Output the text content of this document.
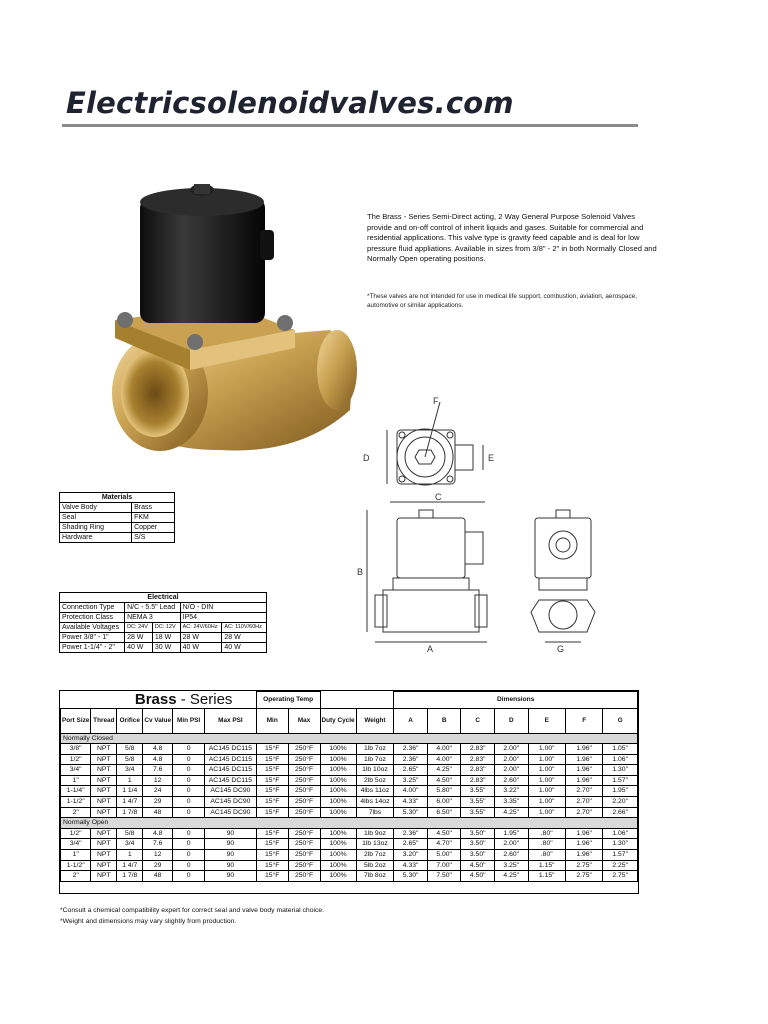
Electricsolenoidvalves.com
The Brass - Series Semi-Direct acting, 2 Way General Purpose Solenoid Valves provide and on-off control of inherit liquids and gases. Suitable for commercial and residential applications. This valve type is gravity feed capable and is deal for low pressure fluid appliations. Available in sizes from 3/8" - 2" in both Normally Closed and Normally Open operating positions.
*These valves are not intended for use in medical life support, combustion, aviation, aerospace, automotive or similar applications.
F
D	E
C
B
A	G
Materials	
Valve Body	Brass
Seal	FKM
Shading Ring	Copper
Hardware	S/S
Electrical				
Connection Type	N/C - 5.5" Lead		N/O - DIN	
Protection Class	NEMA 3		IP54	
Available Voltages	DC: 24V	DC: 12V	AC: 24V/60Hz	AC: 110V/60Hz
Power 3/8" - 1"	28 W	18 W	28 W	28 W
Power 1-1/4" - 2"	40 W	30 W	40 W	40 W
Brass - Series						Operating Temp				Dimensions						
Port Size	Thread	Orifice	Cv Value	Min PSI	Max PSI	Min	Max	Duty Cycle	Weight	A	B	C	D	E	F	G
Normally Closed																
3/8"	NPT	5/8	4.8	0	AC145 DC115	15°F	250°F	100%	1lb 7oz	2.36"	4.00"	2.83"	2.00"	1.00"	1.96"	1.05"
1/2"	NPT	5/8	4.8	0	AC145 DC115	15°F	250°F	100%	1lb 7oz	2.36"	4.00"	2.83"	2.00"	1.00"	1.96"	1.06"
3/4"	NPT	3/4	7.6	0	AC145 DC115	15°F	250°F	100%	1lb 10oz	2.65"	4.25"	2.83"	2.00"	1.00"	1.96"	1.30"
1"	NPT	1	12	0	AC145 DC115	15°F	250°F	100%	2lb 5oz	3.25"	4.50"	2.83"	2.60"	1.00"	1.96"	1.57"
1-1/4"	NPT	1 1/4	24	0	AC145 DC90	15°F	250°F	100%	4lbs 11oz	4.00"	5.80"	3.55"	3.22"	1.00"	2.70"	1.95"
1-1/2"	NPT	1 4/7	29	0	AC145 DC90	15°F	250°F	100%	4lbs 14oz	4.33"	6.00"	3.55"	3.35"	1.00"	2.70"	2.20"
2"	NPT	1 7/8	48	0	AC145 DC90	15°F	250°F	100%	7lbs	5.30"	6.50"	3.55"	4.25"	1.00"	2.70"	2.66"
Normally Open																
1/2"	NPT	5/8	4.8	0	90	15°F	250°F	100%	1lb 9oz	2.36"	4.50"	3.50"	1.95"	.80"	1.96"	1.06"
3/4"	NPT	3/4	7.6	0	90	15°F	250°F	100%	1lb 13oz	2.65"	4.70"	3.50"	2.00"	.80"	1.96"	1.30"
1"	NPT	1	12	0	90	15°F	250°F	100%	2lb 7oz	3.20"	5.00"	3.50"	2.60"	.80"	1.96"	1.57"
1-1/2"	NPT	1 4/7	29	0	90	15°F	250°F	100%	5lb 2oz	4.33"	7.00"	4.50"	3.25"	1.15"	2.75"	2.25"
2"	NPT	1 7/8	48	0	90	15°F	250°F	100%	7lb 8oz	5.30"	7.50"	4.50"	4.25"	1.15"	2.75"	2.75"
*Consult a chemical compatibility expert for correct seal and valve body material choice.
*Weight and dimensions may vary slightly from production.
